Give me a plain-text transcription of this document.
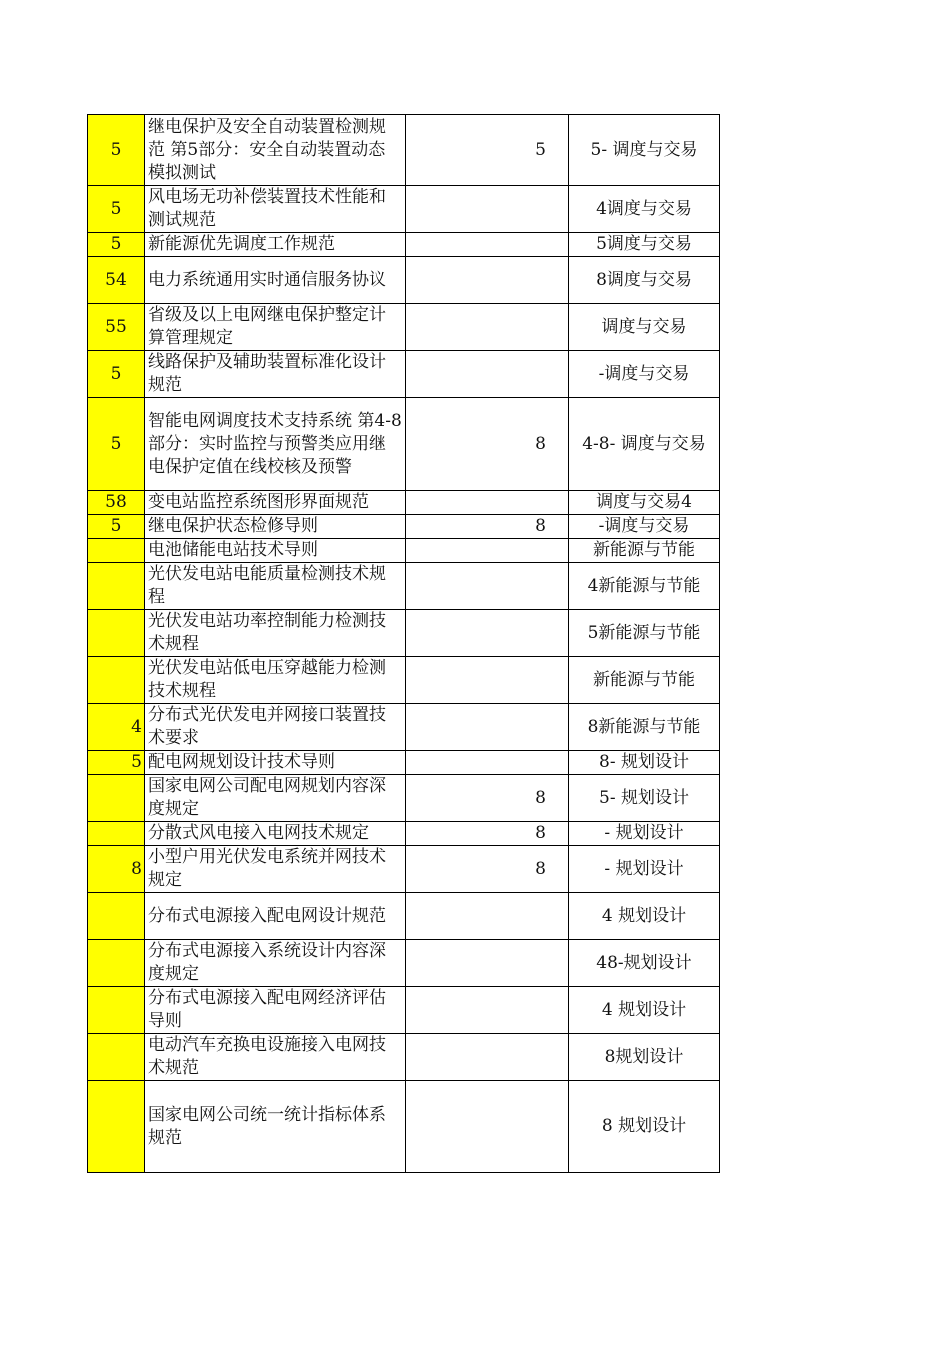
5	继电保护及安全自动装置检测规范 第5部分：安全自动装置动态模拟测试	5	5- 调度与交易
5	风电场无功补偿装置技术性能和测试规范		4调度与交易
5	新能源优先调度工作规范		5调度与交易
54	电力系统通用实时通信服务协议		8调度与交易
55	省级及以上电网继电保护整定计算管理规定		调度与交易
5	线路保护及辅助装置标准化设计规范		-调度与交易
5	智能电网调度技术支持系统 第4-8部分：实时监控与预警类应用继电保护定值在线校核及预警	8	4-8- 调度与交易
58	变电站监控系统图形界面规范		调度与交易4
5	继电保护状态检修导则	8	-调度与交易
	电池储能电站技术导则		新能源与节能
	光伏发电站电能质量检测技术规程		4新能源与节能
	光伏发电站功率控制能力检测技术规程		5新能源与节能
	光伏发电站低电压穿越能力检测技术规程		新能源与节能
4	分布式光伏发电并网接口装置技术要求		8新能源与节能
5	配电网规划设计技术导则		8- 规划设计
	国家电网公司配电网规划内容深度规定	8	5- 规划设计
	分散式风电接入电网技术规定	8	- 规划设计
8	小型户用光伏发电系统并网技术规定	8	- 规划设计
	分布式电源接入配电网设计规范		4 规划设计
	分布式电源接入系统设计内容深度规定		48-规划设计
	分布式电源接入配电网经济评估导则		4 规划设计
	电动汽车充换电设施接入电网技术规范		8规划设计
	国家电网公司统一统计指标体系规范		8 规划设计
